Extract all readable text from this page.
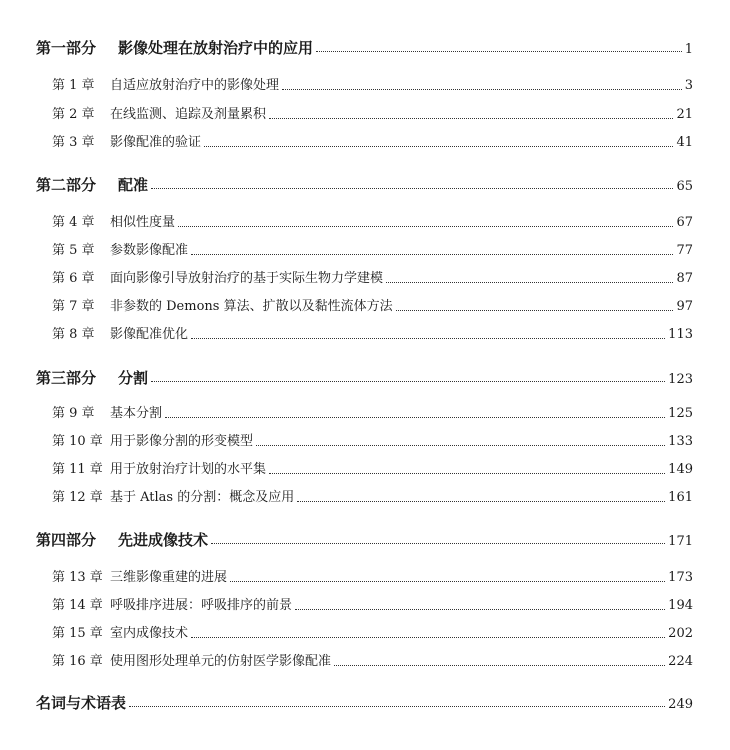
第一部分	影像处理在放射治疗中的应用	1
第 1 章	自适应放射治疗中的影像处理	3
第 2 章	在线监测、追踪及剂量累积	21
第 3 章	影像配准的验证	41
第二部分	配准	65
第 4 章	相似性度量	67
第 5 章	参数影像配准	77
第 6 章	面向影像引导放射治疗的基于实际生物力学建模	87
第 7 章	非参数的 Demons 算法、扩散以及黏性流体方法	97
第 8 章	影像配准优化	113
第三部分	分割	123
第 9 章	基本分割	125
第 10 章 用于影像分割的形变模型	133
第 11 章 用于放射治疗计划的水平集	149
第 12 章 基于 Atlas 的分割：概念及应用	161
第四部分	先进成像技术	171
第 13 章 三维影像重建的进展	173
第 14 章 呼吸排序进展：呼吸排序的前景	194
第 15 章 室内成像技术	202
第 16 章 使用图形处理单元的仿射医学影像配准	224
名词与术语表	249
